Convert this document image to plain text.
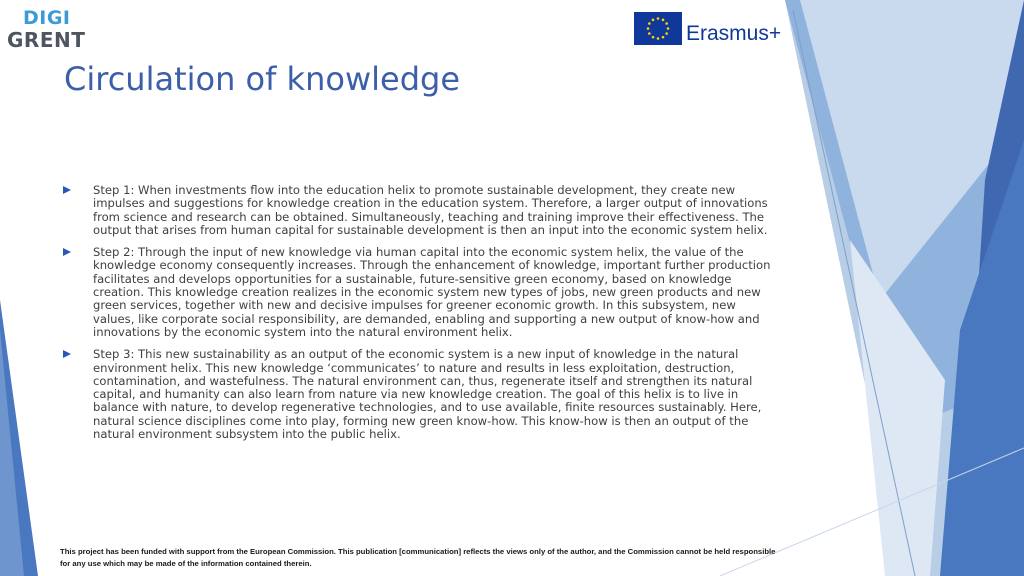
DIGI
GRENT	Erasmus+
Circulation of knowledge

Step 1: When investments flow into the education helix to promote sustainable development, they create new impulses and suggestions for knowledge creation in the education system. Therefore, a larger output of innovations from science and research can be obtained. Simultaneously, teaching and training improve their effectiveness. The output that arises from human capital for sustainable development is then an input into the economic system helix.

Step 2: Through the input of new knowledge via human capital into the economic system helix, the value of the knowledge economy consequently increases. Through the enhancement of knowledge, important further production facilitates and develops opportunities for a sustainable, future-sensitive green economy, based on knowledge creation. This knowledge creation realizes in the economic system new types of jobs, new green products and new green services, together with new and decisive impulses for greener economic growth. In this subsystem, new values, like corporate social responsibility, are demanded, enabling and supporting a new output of know-how and innovations by the economic system into the natural environment helix.

Step 3: This new sustainability as an output of the economic system is a new input of knowledge in the natural environment helix. This new knowledge ‘communicates’ to nature and results in less exploitation, destruction, contamination, and wastefulness. The natural environment can, thus, regenerate itself and strengthen its natural capital, and humanity can also learn from nature via new knowledge creation. The goal of this helix is to live in balance with nature, to develop regenerative technologies, and to use available, finite resources sustainably. Here, natural science disciplines come into play, forming new green know-how. This know-how is then an output of the natural environment subsystem into the public helix.

This project has been funded with support from the European Commission. This publication [communication] reflects the views only of the author, and the Commission cannot be held responsible for any use which may be made of the information contained therein.
